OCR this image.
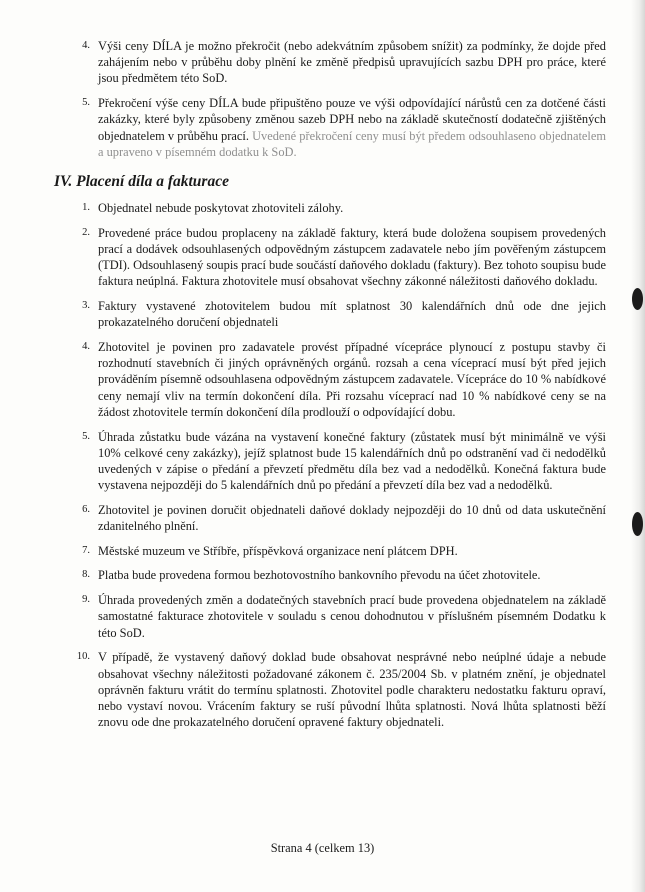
4. Výši ceny DÍLA je možno překročit (nebo adekvátním způsobem snížit) za podmínky, že dojde před zahájením nebo v průběhu doby plnění ke změně předpisů upravujících sazbu DPH pro práce, které jsou předmětem této SoD.
5. Překročení výše ceny DÍLA bude připuštěno pouze ve výši odpovídající nárůstů cen za dotčené části zakázky, které byly způsobeny změnou sazeb DPH nebo na základě skutečností dodatečně zjištěných objednatelem v průběhu prací. Uvedené překročení ceny musí být předem odsouhlaseno objednatelem a upraveno v písemném dodatku k SoD.
IV. Placení díla a fakturace
1. Objednatel nebude poskytovat zhotoviteli zálohy.
2. Provedené práce budou proplaceny na základě faktury, která bude doložena soupisem provedených prací a dodávek odsouhlasených odpovědným zástupcem zadavatele nebo jím pověřeným zástupcem (TDI). Odsouhlasený soupis prací bude součástí daňového dokladu (faktury). Bez tohoto soupisu bude faktura neúplná. Faktura zhotovitele musí obsahovat všechny zákonné náležitosti daňového dokladu.
3. Faktury vystavené zhotovitelem budou mít splatnost 30 kalendářních dnů ode dne jejich prokazatelného doručení objednateli
4. Zhotovitel je povinen pro zadavatele provést případné vícepráce plynoucí z postupu stavby či rozhodnutí stavebních či jiných oprávněných orgánů. rozsah a cena víceprací musí být před jejich prováděním písemně odsouhlasena odpovědným zástupcem zadavatele. Vícepráce do 10 % nabídkové ceny nemají vliv na termín dokončení díla. Při rozsahu víceprací nad 10 % nabídkové ceny se na žádost zhotovitele termín dokončení díla prodlouží o odpovídající dobu.
5. Úhrada zůstatku bude vázána na vystavení konečné faktury (zůstatek musí být minimálně ve výši 10% celkové ceny zakázky), jejíž splatnost bude 15 kalendářních dnů po odstranění vad či nedodělků uvedených v zápise o předání a převzetí předmětu díla bez vad a nedodělků. Konečná faktura bude vystavena nejpozději do 5 kalendářních dnů po předání a převzetí díla bez vad a nedodělků.
6. Zhotovitel je povinen doručit objednateli daňové doklady nejpozději do 10 dnů od data uskutečnění zdanitelného plnění.
7. Městské muzeum ve Stříbře, příspěvková organizace není plátcem DPH.
8. Platba bude provedena formou bezhotovostního bankovního převodu na účet zhotovitele.
9. Úhrada provedených změn a dodatečných stavebních prací bude provedena objednatelem na základě samostatné fakturace zhotovitele v souladu s cenou dohodnutou v příslušném písemném Dodatku k této SoD.
10. V případě, že vystavený daňový doklad bude obsahovat nesprávné nebo neúplné údaje a nebude obsahovat všechny náležitosti požadované zákonem č. 235/2004 Sb. v platném znění, je objednatel oprávněn fakturu vrátit do termínu splatnosti. Zhotovitel podle charakteru nedostatku fakturu opraví, nebo vystaví novou. Vrácením faktury se ruší původní lhůta splatnosti. Nová lhůta splatnosti běží znovu ode dne prokazatelného doručení opravené faktury objednateli.
Strana 4 (celkem 13)
